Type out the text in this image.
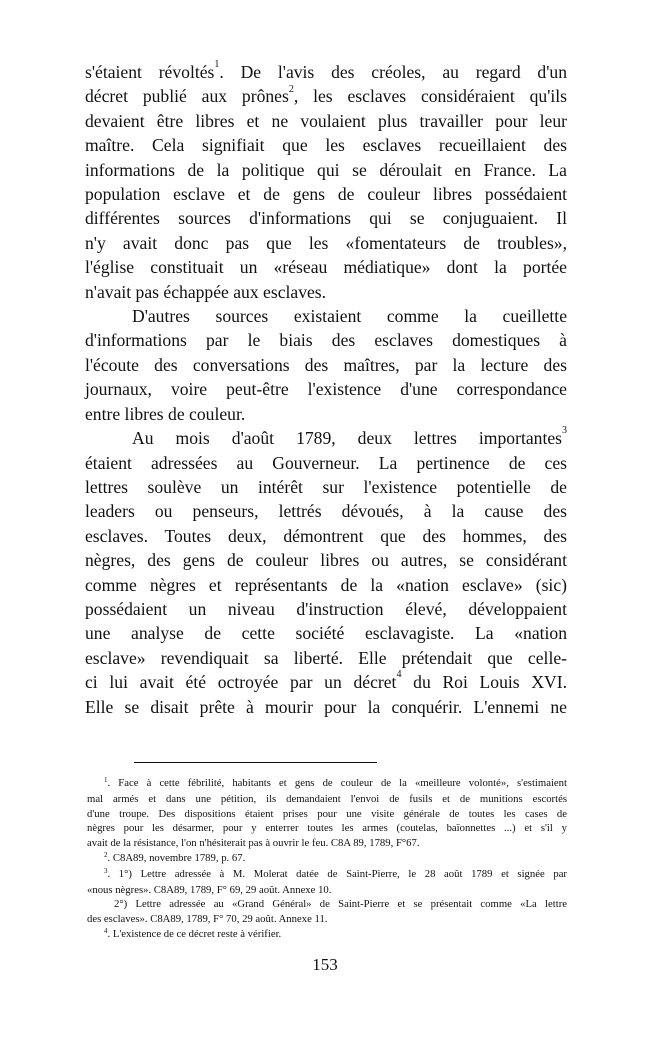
s'étaient révoltés$^1$. De l'avis des créoles, au regard d'un
décret publié aux prônes$^2$, les esclaves considéraient qu'ils
devaient être libres et ne voulaient plus travailler pour leur
maître. Cela signifiait que les esclaves recueillaient des
informations de la politique qui se déroulait en France. La
population esclave et de gens de couleur libres possédaient
différentes sources d'informations qui se conjuguaient. Il
n'y avait donc pas que les «fomentateurs de troubles»,
l'église constituait un «réseau médiatique» dont la portée
n'avait pas échappée aux esclaves.
D'autres sources existaient comme la cueillette
d'informations par le biais des esclaves domestiques à
l'écoute des conversations des maîtres, par la lecture des
journaux, voire peut-être l'existence d'une correspondance
entre libres de couleur.
Au mois d'août 1789, deux lettres importantes$^3$
étaient adressées au Gouverneur. La pertinence de ces
lettres soulève un intérêt sur l'existence potentielle de
leaders ou penseurs, lettrés dévoués, à la cause des
esclaves. Toutes deux, démontrent que des hommes, des
nègres, des gens de couleur libres ou autres, se considérant
comme nègres et représentants de la «nation esclave» (sic)
possédaient un niveau d'instruction élevé, développaient
une analyse de cette société esclavagiste. La «nation
esclave» revendiquait sa liberté. Elle prétendait que celle-
ci lui avait été octroyée par un décret$^4$ du Roi Louis XVI.
Elle se disait prête à mourir pour la conquérir. L'ennemi ne
$^1$. Face à cette fébrilité, habitants et gens de couleur de la «meilleure volonté», s'estimaient
mal armés et dans une pétition, ils demandaient l'envoi de fusils et de munitions escortés
d'une troupe. Des dispositions étaient prises pour une visite générale de toutes les cases de
nègres pour les désarmer, pour y enterrer toutes les armes (coutelas, baïonnettes ...) et s'il y
avait de la résistance, l'on n'hésiterait pas à ouvrir le feu. C8A 89, 1789, F°67.
$^2$. C8A89, novembre 1789, p. 67.
$^3$. 1°) Lettre adressée à M. Molerat datée de Saint-Pierre, le 28 août 1789 et signée par
«nous nègres». C8A89, 1789, F° 69, 29 août. Annexe 10.
2°) Lettre adressée au «Grand Général» de Saint-Pierre et se présentait comme «La lettre
des esclaves». C8A89, 1789, F° 70, 29 août. Annexe 11.
$^4$. L'existence de ce décret reste à vérifier.
153
